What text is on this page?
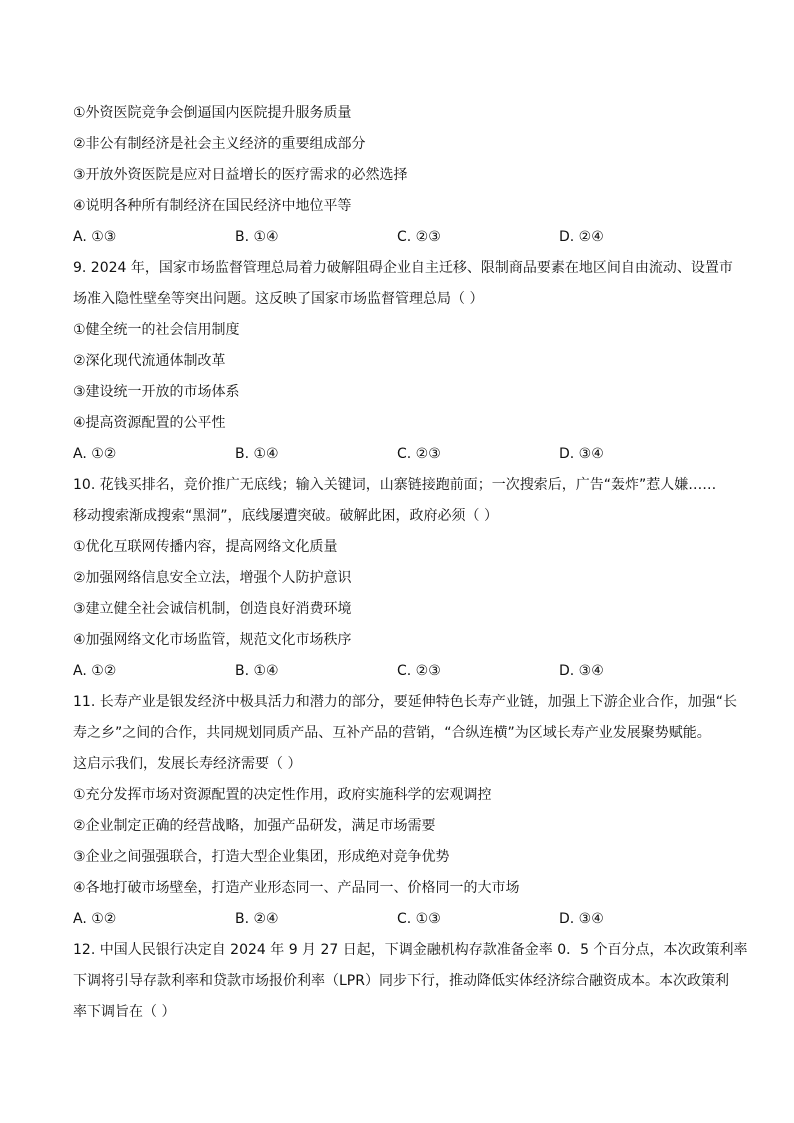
①外资医院竞争会倒逼国内医院提升服务质量
②非公有制经济是社会主义经济的重要组成部分
③开放外资医院是应对日益增长的医疗需求的必然选择
④说明各种所有制经济在国民经济中地位平等
A. ①③	B. ①④	C. ②③	D. ②④
9. 2024 年，国家市场监督管理总局着力破解阻碍企业自主迁移、限制商品要素在地区间自由流动、设置市
场准入隐性壁垒等突出问题。这反映了国家市场监督管理总局（ ）
①健全统一的社会信用制度
②深化现代流通体制改革
③建设统一开放的市场体系
④提高资源配置的公平性
A. ①②	B. ①④	C. ②③	D. ③④
10. 花钱买排名，竞价推广无底线；输入关键词，山寨链接跑前面；一次搜索后，广告“轰炸”惹人嫌……
移动搜索渐成搜索“黑洞”，底线屡遭突破。破解此困，政府必须（ ）
①优化互联网传播内容，提高网络文化质量
②加强网络信息安全立法，增强个人防护意识
③建立健全社会诚信机制，创造良好消费环境
④加强网络文化市场监管，规范文化市场秩序
A. ①②	B. ①④	C. ②③	D. ③④
11. 长寿产业是银发经济中极具活力和潜力的部分，要延伸特色长寿产业链，加强上下游企业合作，加强“长
寿之乡”之间的合作，共同规划同质产品、互补产品的营销，“合纵连横”为区域长寿产业发展聚势赋能。
这启示我们，发展长寿经济需要（ ）
①充分发挥市场对资源配置的决定性作用，政府实施科学的宏观调控
②企业制定正确的经营战略，加强产品研发，满足市场需要
③企业之间强强联合，打造大型企业集团，形成绝对竞争优势
④各地打破市场壁垒，打造产业形态同一、产品同一、价格同一的大市场
A. ①②	B. ②④	C. ①③	D. ③④
12. 中国人民银行决定自 2024 年 9 月 27 日起，下调金融机构存款准备金率 0．5 个百分点，本次政策利率
下调将引导存款利率和贷款市场报价利率（LPR）同步下行，推动降低实体经济综合融资成本。本次政策利
率下调旨在（ ）
